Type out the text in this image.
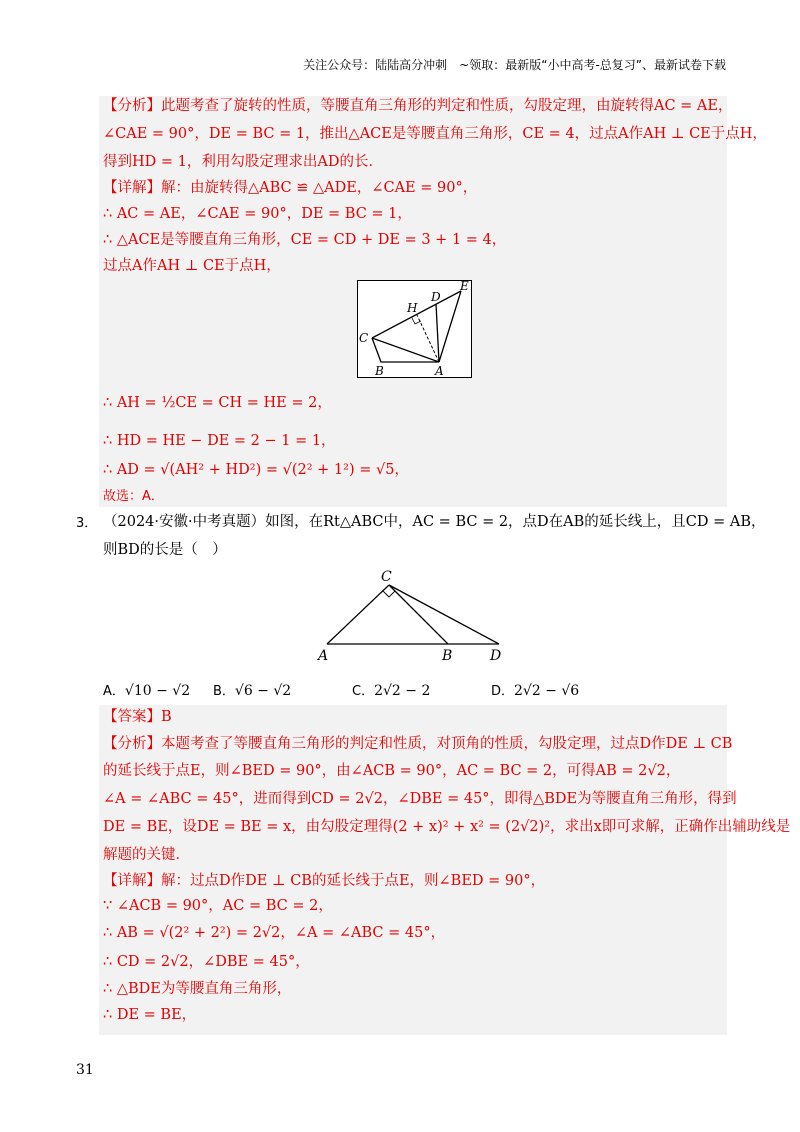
关注公众号：陆陆高分冲刺　~领取：最新版“小中高考-总复习”、最新试卷下载
【分析】此题考查了旋转的性质，等腰直角三角形的判定和性质，勾股定理，由旋转得AC = AE，
∠CAE = 90°，DE = BC = 1，推出△ACE是等腰直角三角形，CE = 4，过点A作AH ⊥ CE于点H，
得到HD = 1，利用勾股定理求出AD的长．
【详解】解：由旋转得△ABC ≌ △ADE，∠CAE = 90°，
∴ AC = AE，∠CAE = 90°，DE = BC = 1，
∴ △ACE是等腰直角三角形，CE = CD + DE = 3 + 1 = 4，
过点A作AH ⊥ CE于点H，
E
D
H
C
B	A
∴ AH = ½CE = CH = HE = 2，
∴ HD = HE − DE = 2 − 1 = 1，
∴ AD = √(AH² + HD²) = √(2² + 1²) = √5，
故选：A．
3． （2024·安徽·中考真题）如图，在Rt△ABC中，AC = BC = 2，点D在AB的延长线上，且CD = AB，
则BD的长是（　）
C
A	B	D
A．√10 − √2 B．√6 − √2	C．2√2 − 2	D．2√2 − √6
【答案】B
【分析】本题考查了等腰直角三角形的判定和性质，对顶角的性质，勾股定理，过点D作DE ⊥ CB
的延长线于点E，则∠BED = 90°，由∠ACB = 90°，AC = BC = 2，可得AB = 2√2，
∠A = ∠ABC = 45°，进而得到CD = 2√2，∠DBE = 45°，即得△BDE为等腰直角三角形，得到
DE = BE，设DE = BE = x，由勾股定理得(2 + x)² + x² = (2√2)²，求出x即可求解，正确作出辅助线是
解题的关键．
【详解】解：过点D作DE ⊥ CB的延长线于点E，则∠BED = 90°，
∵ ∠ACB = 90°，AC = BC = 2，
∴ AB = √(2² + 2²) = 2√2，∠A = ∠ABC = 45°，
∴ CD = 2√2，∠DBE = 45°，
∴ △BDE为等腰直角三角形，
∴ DE = BE，
31
